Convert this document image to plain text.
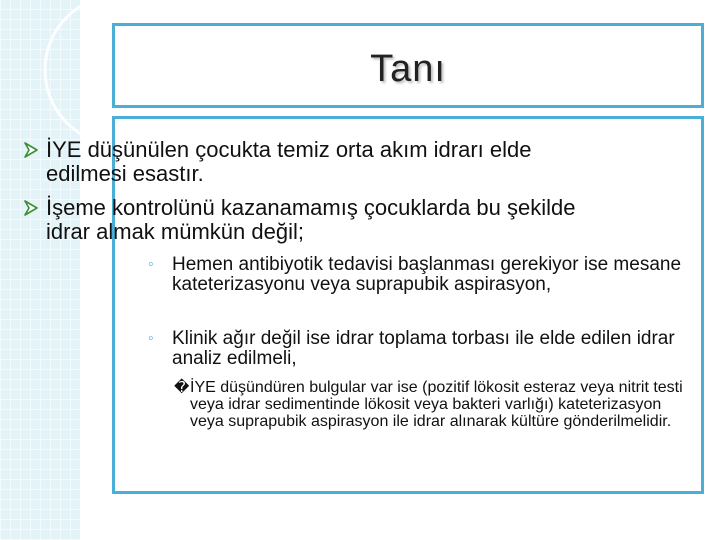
Tanı
İYE düşünülen çocukta temiz orta akım idrarı elde edilmesi esastır.
İşeme kontrolünü kazanamamış çocuklarda bu şekilde idrar almak mümkün değil;
◦ Hemen antibiyotik tedavisi başlanması gerekiyor ise mesane kateterizasyonu veya suprapubik aspirasyon,
◦ Klinik ağır değil ise idrar toplama torbası ile elde edilen idrar analiz edilmeli,
� İYE düşündüren bulgular var ise (pozitif lökosit esteraz veya nitrit testi veya idrar sedimentinde lökosit veya bakteri varlığı) kateterizasyon veya suprapubik aspirasyon ile idrar alınarak kültüre gönderilmelidir.
